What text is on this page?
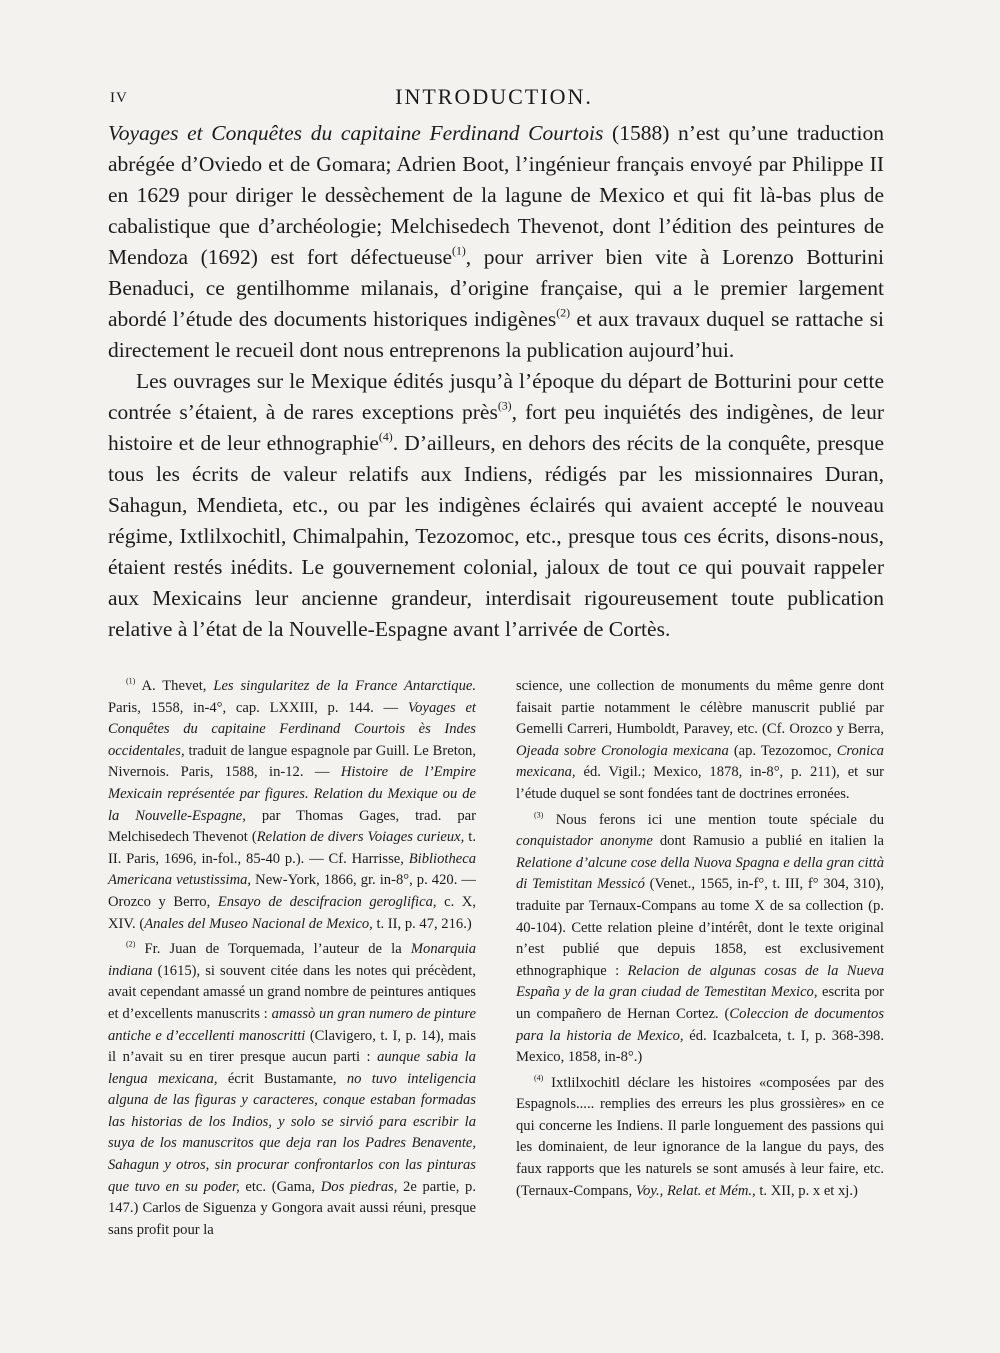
IV	INTRODUCTION.

Voyages et Conquêtes du capitaine Ferdinand Courtois (1588) n’est qu’une traduction abrégée d’Oviedo et de Gomara; Adrien Boot, l’ingénieur français envoyé par Philippe II en 1629 pour diriger le dessèchement de la lagune de Mexico et qui fit là-bas plus de cabalistique que d’archéologie; Melchisedech Thevenot, dont l’édition des peintures de Mendoza (1692) est fort défectueuse$^{(1)}$, pour arriver bien vite à Lorenzo Botturini Benaduci, ce gentilhomme milanais, d’origine française, qui a le premier largement abordé l’étude des documents historiques indigènes$^{(2)}$ et aux travaux duquel se rattache si directement le recueil dont nous entreprenons la publication aujourd’hui.

Les ouvrages sur le Mexique édités jusqu’à l’époque du départ de Botturini pour cette contrée s’étaient, à de rares exceptions près$^{(3)}$, fort peu inquiétés des indigènes, de leur histoire et de leur ethnographie$^{(4)}$. D’ailleurs, en dehors des récits de la conquête, presque tous les écrits de valeur relatifs aux Indiens, rédigés par les missionnaires Duran, Sahagun, Mendieta, etc., ou par les indigènes éclairés qui avaient accepté le nouveau régime, Ixtlilxochitl, Chimalpahin, Tezozomoc, etc., presque tous ces écrits, disons-nous, étaient restés inédits. Le gouvernement colonial, jaloux de tout ce qui pouvait rappeler aux Mexicains leur ancienne grandeur, interdisait rigoureusement toute publication relative à l’état de la Nouvelle-Espagne avant l’arrivée de Cortès.

$^{(1)}$ A. Thevet, Les singularitez de la France Antarctique. Paris, 1558, in-4°, cap. LXXIII, p. 144. — Voyages et Conquêtes du capitaine Ferdinand Courtois ès Indes occidentales, traduit de langue espagnole par Guill. Le Breton, Nivernois. Paris, 1588, in-12. — Histoire de l’Empire Mexicain représentée par figures. Relation du Mexique ou de la Nouvelle-Espagne, par Thomas Gages, trad. par Melchisedech Thevenot (Relation de divers Voiages curieux, t. II. Paris, 1696, in-fol., 85-40 p.). — Cf. Harrisse, Bibliotheca Americana vetustissima, New-York, 1866, gr. in-8°, p. 420. — Orozco y Berro, Ensayo de descifracion geroglifica, c. X, XIV. (Anales del Museo Nacional de Mexico, t. II, p. 47, 216.)

$^{(2)}$ Fr. Juan de Torquemada, l’auteur de la Monarquia indiana (1615), si souvent citée dans les notes qui précèdent, avait cependant amassé un grand nombre de peintures antiques et d’excellents manuscrits : amassò un gran numero de pinture antiche e d’eccellenti manoscritti (Clavigero, t. I, p. 14), mais il n’avait su en tirer presque aucun parti : aunque sabia la lengua mexicana, écrit Bustamante, no tuvo inteligencia alguna de las figuras y caracteres, conque estaban formadas las historias de los Indios, y solo se sirvió para escribir la suya de los manuscritos que deja ran los Padres Benavente, Sahagun y otros, sin procurar confrontarlos con las pinturas que tuvo en su poder, etc. (Gama, Dos piedras, 2e partie, p. 147.) Carlos de Siguenza y Gongora avait aussi réuni, presque sans profit pour la

science, une collection de monuments du même genre dont faisait partie notamment le célèbre manuscrit publié par Gemelli Carreri, Humboldt, Paravey, etc. (Cf. Orozco y Berra, Ojeada sobre Cronologia mexicana (ap. Tezozomoc, Cronica mexicana, éd. Vigil.; Mexico, 1878, in-8°, p. 211), et sur l’étude duquel se sont fondées tant de doctrines erronées.

$^{(3)}$ Nous ferons ici une mention toute spéciale du conquistador anonyme dont Ramusio a publié en italien la Relatione d’alcune cose della Nuova Spagna e della gran città di Temistitan Messicó (Venet., 1565, in-f°, t. III, f° 304, 310), traduite par Ternaux-Compans au tome X de sa collection (p. 40-104). Cette relation pleine d’intérêt, dont le texte original n’est publié que depuis 1858, est exclusivement ethnographique : Relacion de algunas cosas de la Nueva España y de la gran ciudad de Temestitan Mexico, escrita por un compañero de Hernan Cortez. (Coleccion de documentos para la historia de Mexico, éd. Icazbalceta, t. I, p. 368-398. Mexico, 1858, in-8°.)

$^{(4)}$ Ixtlilxochitl déclare les histoires «composées par des Espagnols..... remplies des erreurs les plus grossières» en ce qui concerne les Indiens. Il parle longuement des passions qui les dominaient, de leur ignorance de la langue du pays, des faux rapports que les naturels se sont amusés à leur faire, etc. (Ternaux-Compans, Voy., Relat. et Mém., t. XII, p. x et xj.)
